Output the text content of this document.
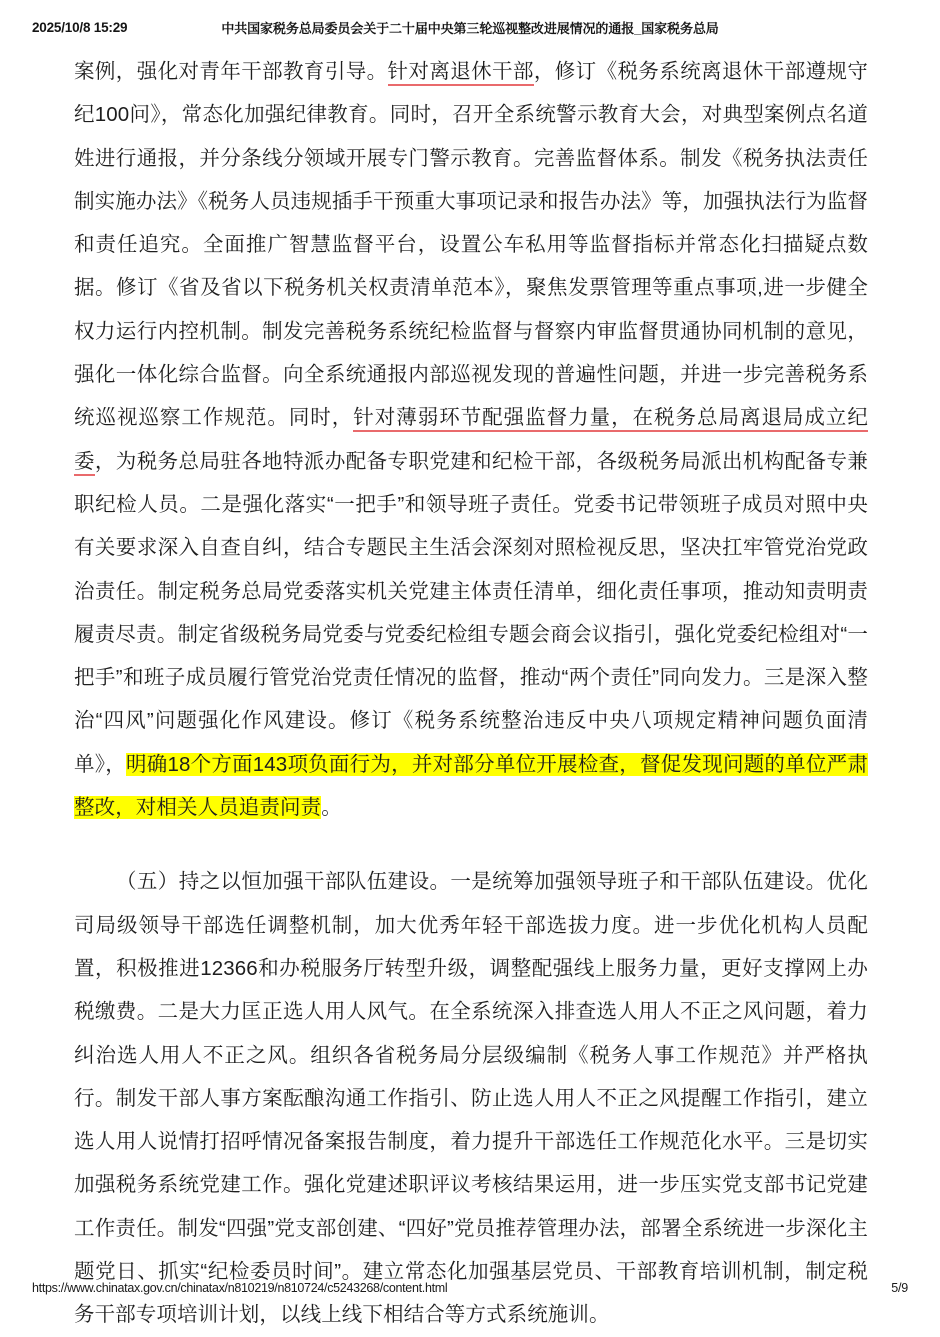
2025/10/8 15:29	中共国家税务总局委员会关于二十届中央第三轮巡视整改进展情况的通报_国家税务总局

案例，强化对青年干部教育引导。针对离退休干部，修订《税务系统离退休干部遵规守纪100问》，常态化加强纪律教育。同时，召开全系统警示教育大会，对典型案例点名道姓进行通报，并分条线分领域开展专门警示教育。完善监督体系。制发《税务执法责任制实施办法》《税务人员违规插手干预重大事项记录和报告办法》等，加强执法行为监督和责任追究。全面推广智慧监督平台，设置公车私用等监督指标并常态化扫描疑点数据。修订《省及省以下税务机关权责清单范本》，聚焦发票管理等重点事项,进一步健全权力运行内控机制。制发完善税务系统纪检监督与督察内审监督贯通协同机制的意见，强化一体化综合监督。向全系统通报内部巡视发现的普遍性问题，并进一步完善税务系统巡视巡察工作规范。同时，针对薄弱环节配强监督力量，在税务总局离退局成立纪委，为税务总局驻各地特派办配备专职党建和纪检干部，各级税务局派出机构配备专兼职纪检人员。二是强化落实“一把手”和领导班子责任。党委书记带领班子成员对照中央有关要求深入自查自纠，结合专题民主生活会深刻对照检视反思，坚决扛牢管党治党政治责任。制定税务总局党委落实机关党建主体责任清单，细化责任事项，推动知责明责履责尽责。制定省级税务局党委与党委纪检组专题会商会议指引，强化党委纪检组对“一把手”和班子成员履行管党治党责任情况的监督，推动“两个责任”同向发力。三是深入整治“四风”问题强化作风建设。修订《税务系统整治违反中央八项规定精神问题负面清单》，明确18个方面143项负面行为，并对部分单位开展检查，督促发现问题的单位严肃整改，对相关人员追责问责。

（五）持之以恒加强干部队伍建设。一是统筹加强领导班子和干部队伍建设。优化司局级领导干部选任调整机制，加大优秀年轻干部选拔力度。进一步优化机构人员配置，积极推进12366和办税服务厅转型升级，调整配强线上服务力量，更好支撑网上办税缴费。二是大力匡正选人用人风气。在全系统深入排查选人用人不正之风问题，着力纠治选人用人不正之风。组织各省税务局分层级编制《税务人事工作规范》并严格执行。制发干部人事方案酝酿沟通工作指引、防止选人用人不正之风提醒工作指引，建立选人用人说情打招呼情况备案报告制度，着力提升干部选任工作规范化水平。三是切实加强税务系统党建工作。强化党建述职评议考核结果运用，进一步压实党支部书记党建工作责任。制发“四强”党支部创建、“四好”党员推荐管理办法，部署全系统进一步深化主题党日、抓实“纪检委员时间”。建立常态化加强基层党员、干部教育培训机制，制定税务干部专项培训计划，以线上线下相结合等方式系统施训。

https://www.chinatax.gov.cn/chinatax/n810219/n810724/c5243268/content.html	5/9
